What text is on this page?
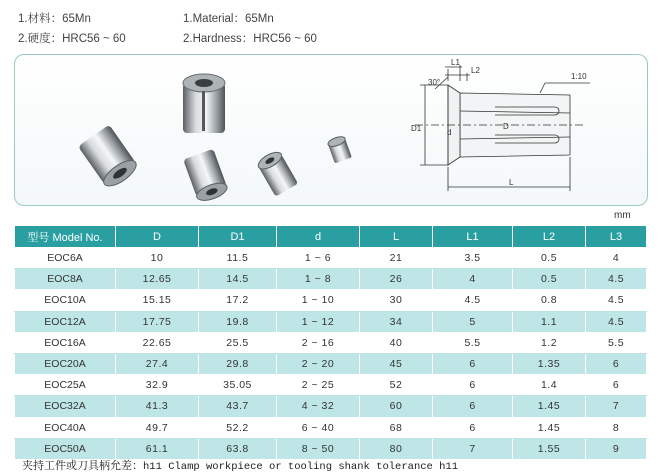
1.材料：65Mn
2.硬度：HRC56 ~ 60
1.Material：65Mn
2.Hardness：HRC56 ~ 60
30°
L1
L2
1:10
D1	d
D
L
mm
型号 Model No.	D	D1	d	L	L1	L2	L3
EOC6A	10	11.5	1 ~ 6	21	3.5	0.5	4
EOC8A	12.65	14.5	1 ~ 8	26	4	0.5	4.5
EOC10A	15.15	17.2	1 ~ 10	30	4.5	0.8	4.5
EOC12A	17.75	19.8	1 ~ 12	34	5	1.1	4.5
EOC16A	22.65	25.5	2 ~ 16	40	5.5	1.2	5.5
EOC20A	27.4	29.8	2 ~ 20	45	6	1.35	6
EOC25A	32.9	35.05	2 ~ 25	52	6	1.4	6
EOC32A	41.3	43.7	4 ~ 32	60	6	1.45	7
EOC40A	49.7	52.2	6 ~ 40	68	6	1.45	8
EOC50A	61.1	63.8	8 ~ 50	80	7	1.55	9
夹持工件或刀具柄允差：h11 Clamp workpiece or tooling shank tolerance h11
